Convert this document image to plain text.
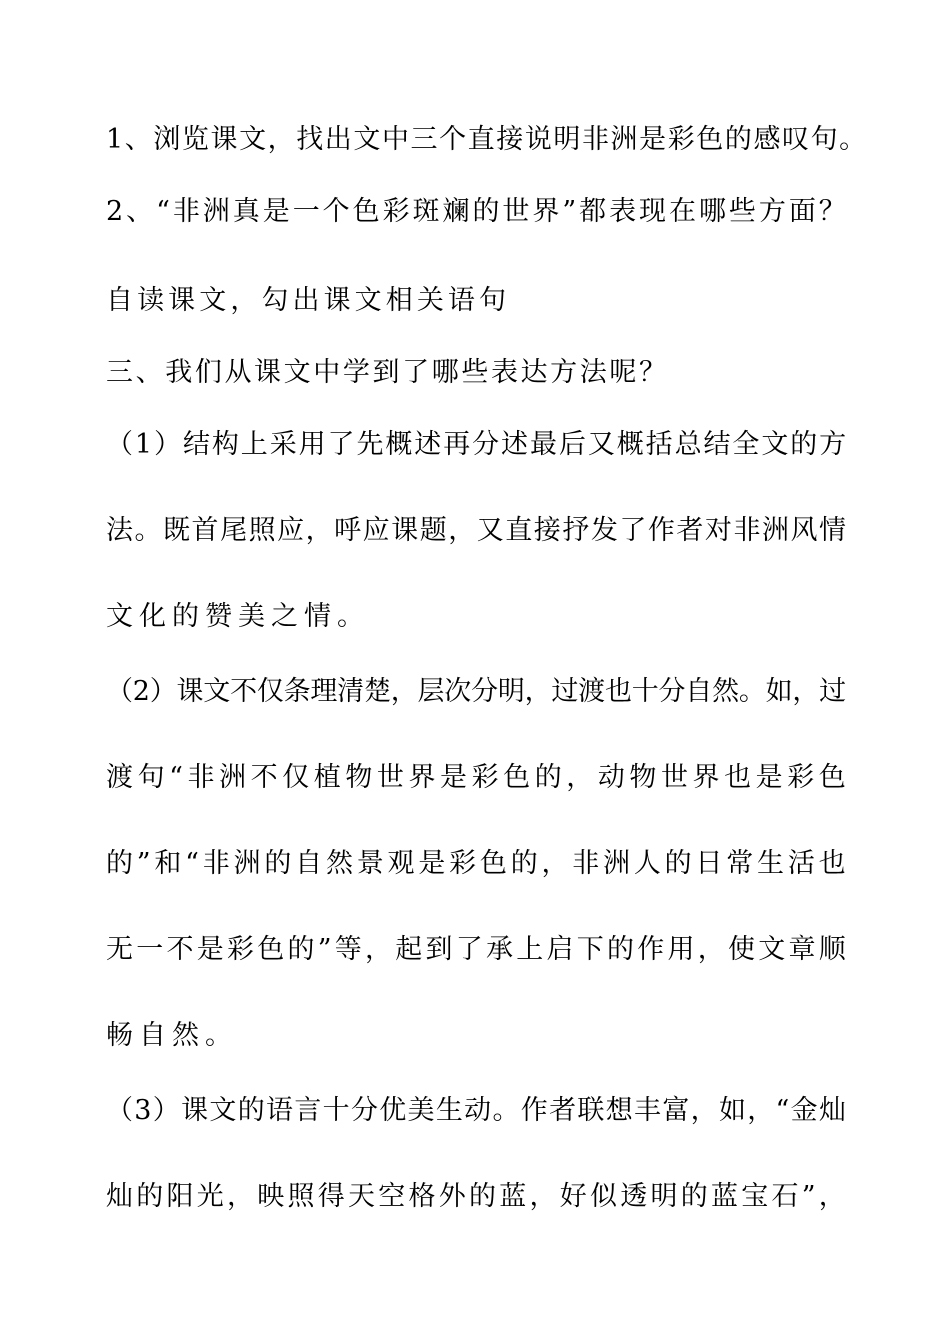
1、浏览课文，找出文中三个直接说明非洲是彩色的感叹句。
2、“非洲真是一个色彩斑斓的世界”都表现在哪些方面？
自读课文，勾出课文相关语句
三、我们从课文中学到了哪些表达方法呢？
（1）结构上采用了先概述再分述最后又概括总结全文的方
法。既首尾照应，呼应课题，又直接抒发了作者对非洲风情
文化的赞美之情。
（2）课文不仅条理清楚，层次分明，过渡也十分自然。如，过
渡句“非洲不仅植物世界是彩色的，动物世界也是彩色
的”和“非洲的自然景观是彩色的，非洲人的日常生活也
无一不是彩色的”等，起到了承上启下的作用，使文章顺
畅自然。
（3）课文的语言十分优美生动。作者联想丰富，如，“金灿
灿的阳光，映照得天空格外的蓝，好似透明的蓝宝石”，
